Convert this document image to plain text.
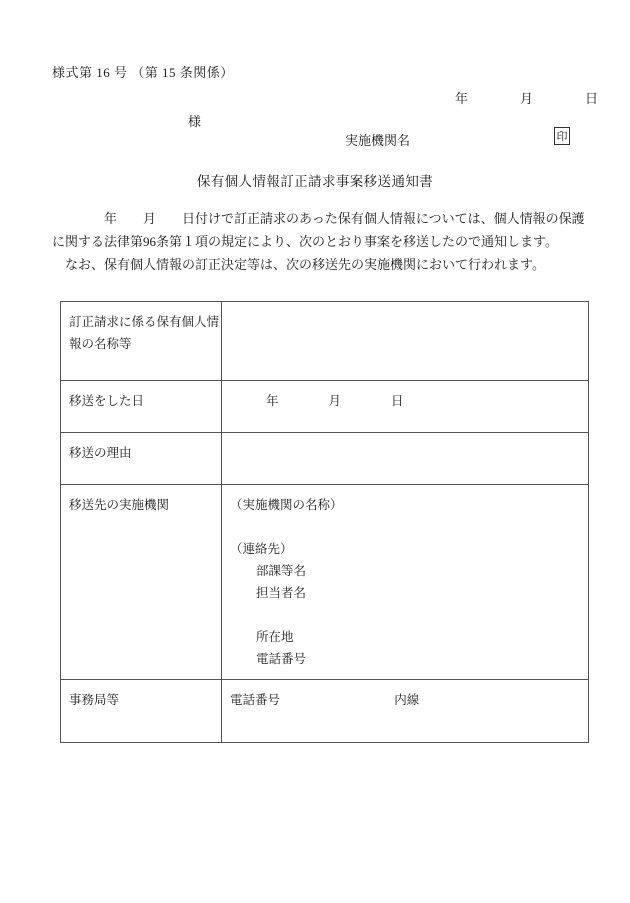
様式第 16 号 （第 15 条関係）
年　　　　月　　　　日
様
実施機関名	印
保有個人情報訂正請求事案移送通知書

年　　月　　日付けで訂正請求のあった保有個人情報については、個人情報の保護に関する法律第96条第１項の規定により、次のとおり事案を移送したので通知します。

なお、保有個人情報の訂正決定等は、次の移送先の実施機関において行われます。

訂正請求に係る保有個人情報の名称等	
移送をした日	年　　　　月　　　　日
移送の理由	
移送先の実施機関	（実施機関の名称）
（連絡先）
部課等名
担当者名
所在地
電話番号

事務局等	電話番号 内線
